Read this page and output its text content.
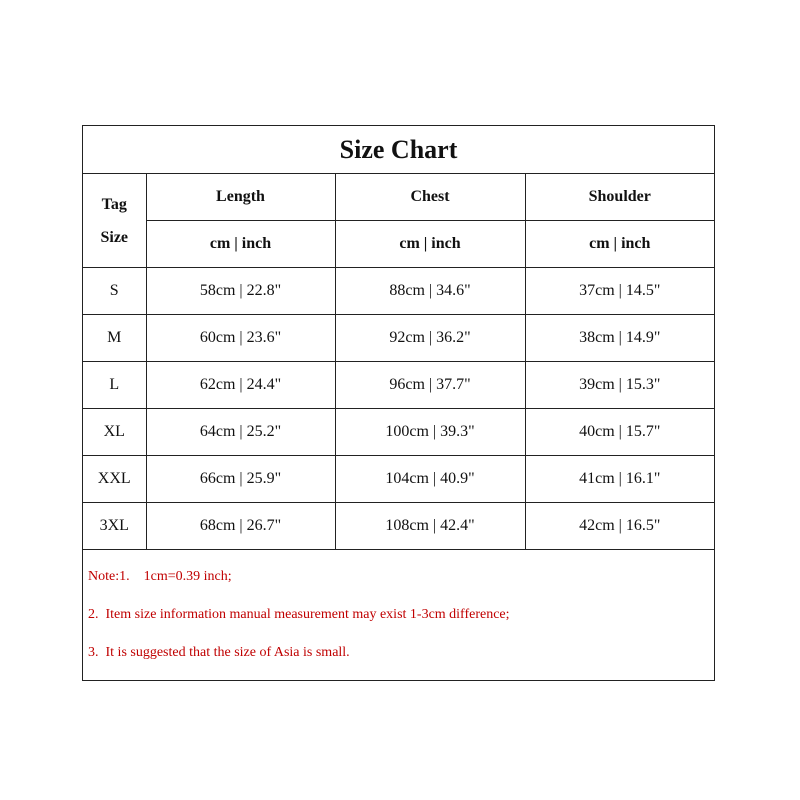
Size Chart			

Tag
Size	Length	Chest	Shoulder
	cm | inch	cm | inch	cm | inch
S	58cm | 22.8"	88cm | 34.6"	37cm | 14.5"
M	60cm | 23.6"	92cm | 36.2"	38cm | 14.9"
L	62cm | 24.4"	96cm | 37.7"	39cm | 15.3"
XL	64cm | 25.2"	100cm | 39.3"	40cm | 15.7"
XXL	66cm | 25.9"	104cm | 40.9"	41cm | 16.1"
3XL	68cm | 26.7"	108cm | 42.4"	42cm | 16.5"
Note:1.    1cm=0.39 inch;
2.  Item size information manual measurement may exist 1-3cm difference;
3.  It is suggested that the size of Asia is small.
